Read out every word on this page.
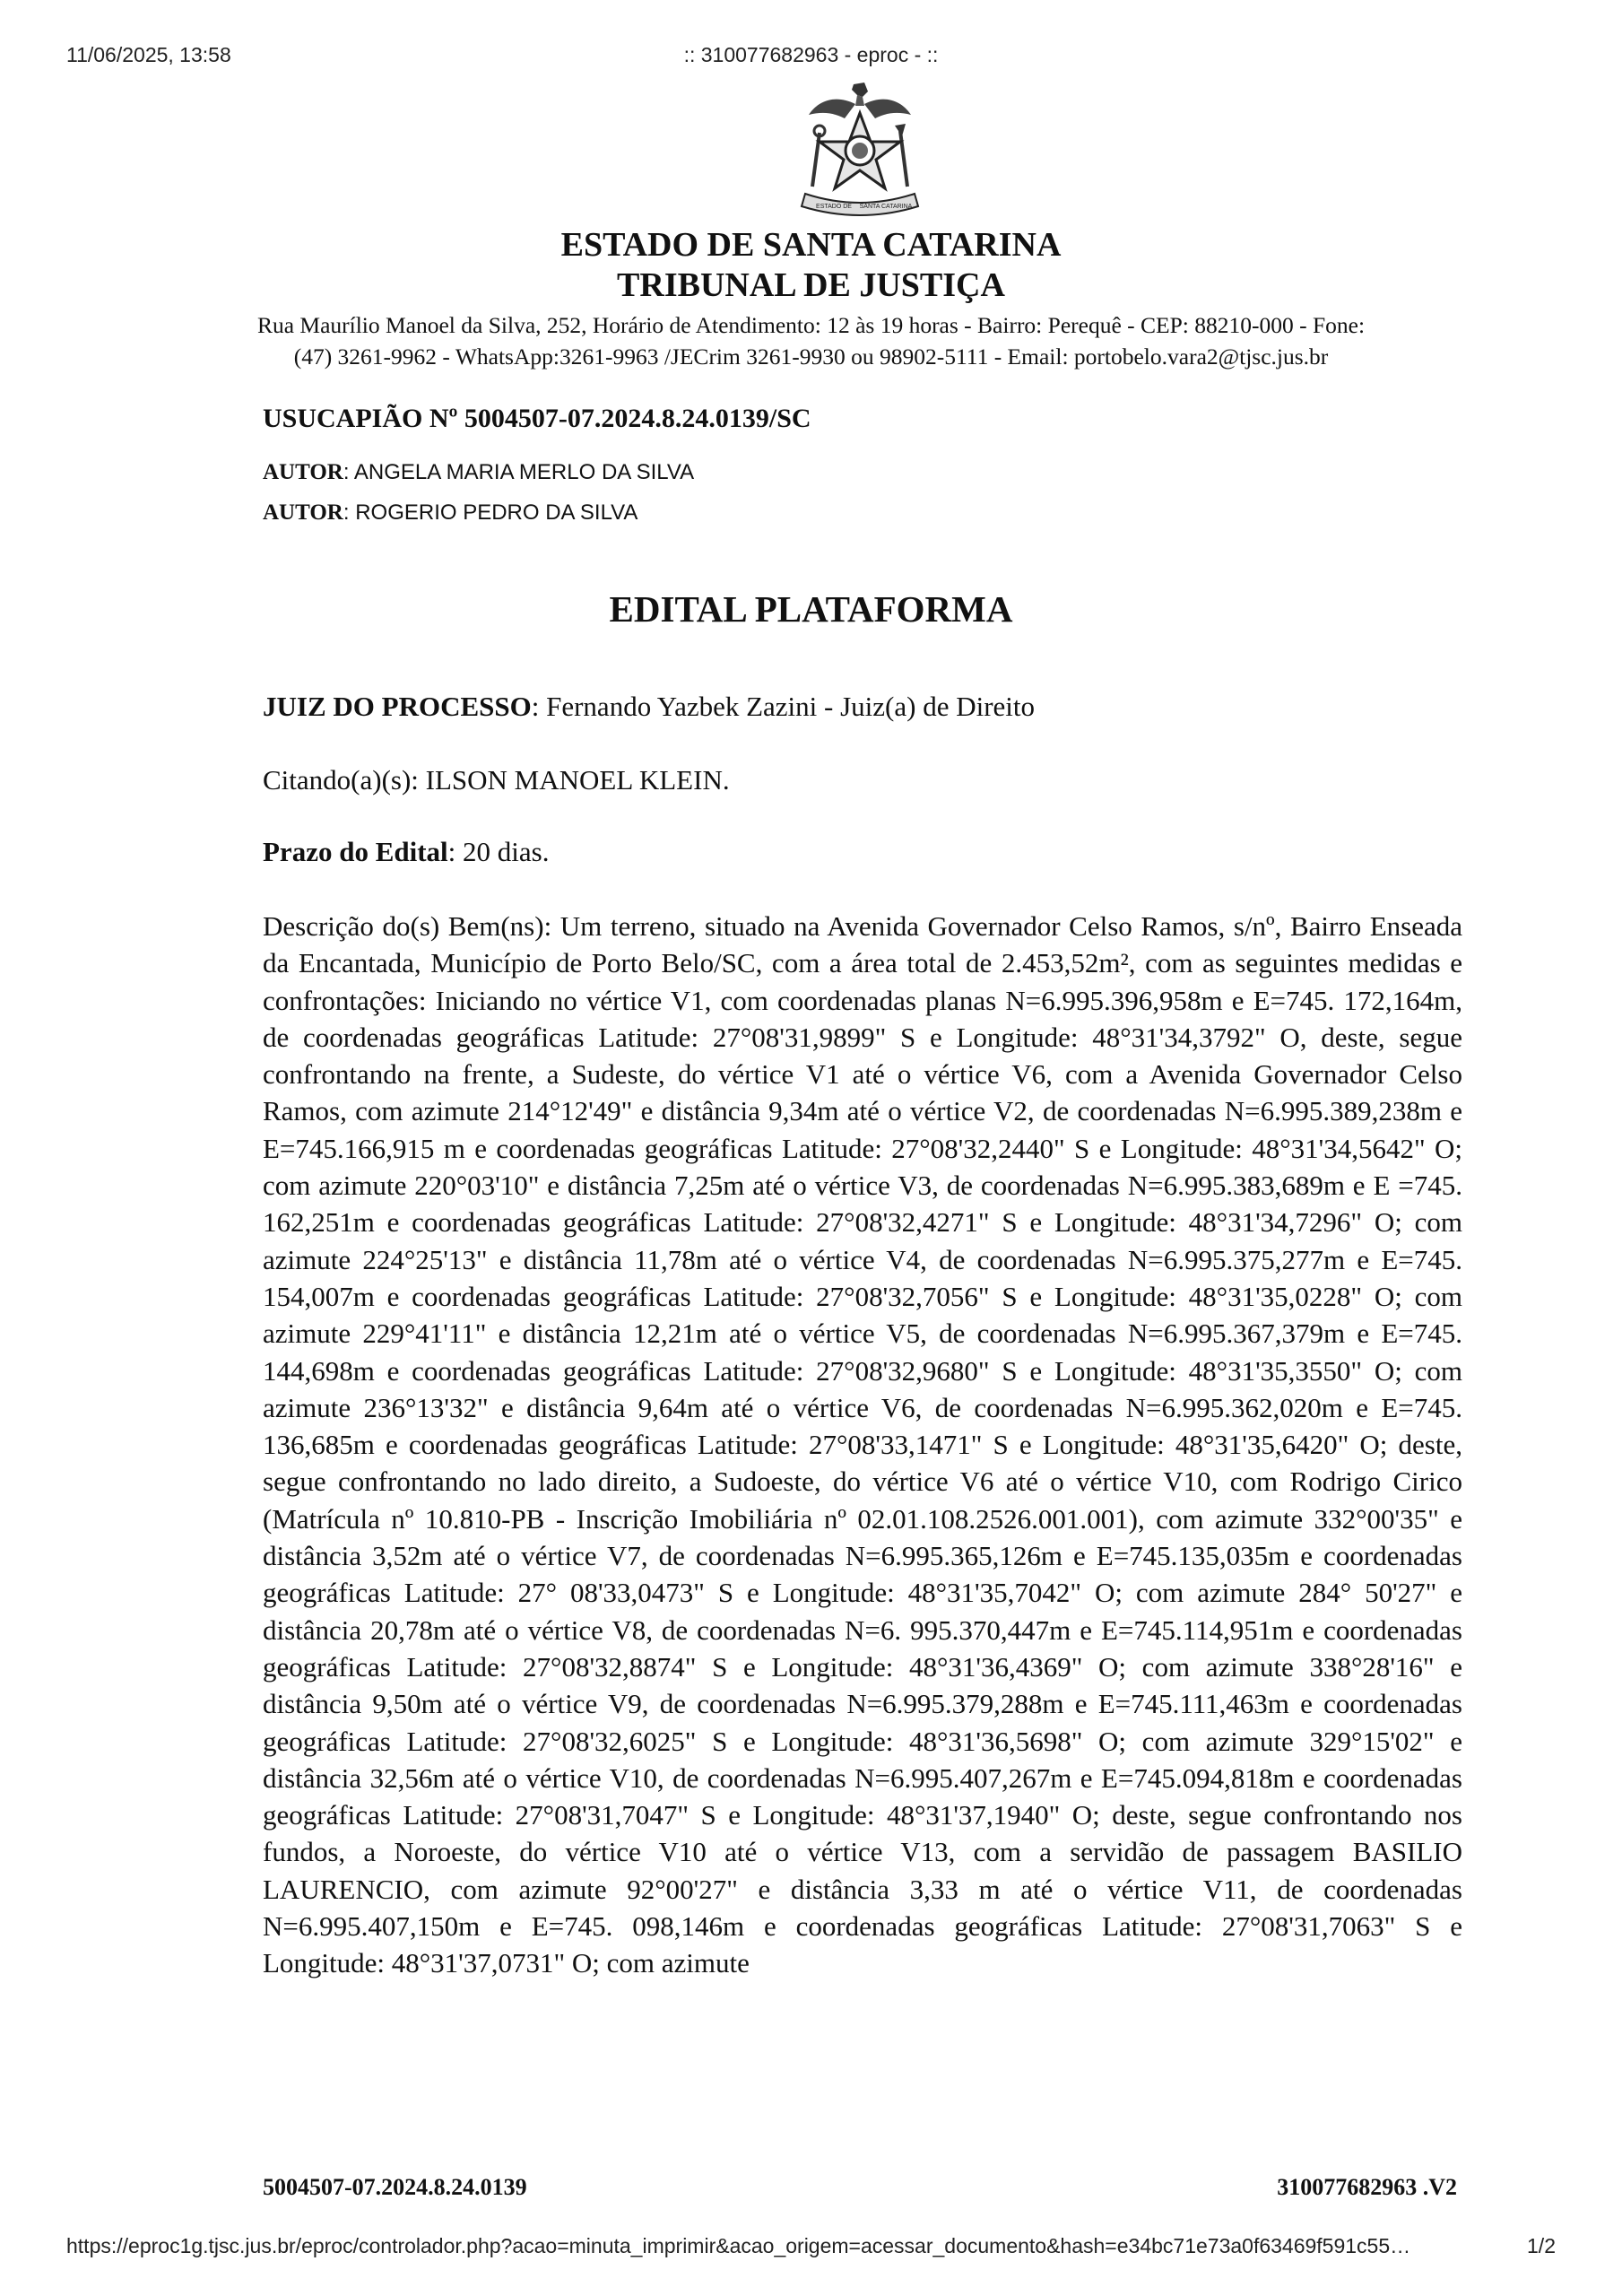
11/06/2025, 13:58	:: 310077682963 - eproc - ::
ESTADO DE SANTA CATARINA
ESTADO DE SANTA CATARINA
TRIBUNAL DE JUSTIÇA
Rua Maurílio Manoel da Silva, 252, Horário de Atendimento: 12 às 19 horas - Bairro: Perequê - CEP: 88210-000 - Fone:
(47) 3261-9962 - WhatsApp:3261-9963 /JECrim 3261-9930 ou 98902-5111 - Email: portobelo.vara2@tjsc.jus.br
USUCAPIÃO Nº 5004507-07.2024.8.24.0139/SC
AUTOR: ANGELA MARIA MERLO DA SILVA
AUTOR: ROGERIO PEDRO DA SILVA
EDITAL PLATAFORMA
JUIZ DO PROCESSO: Fernando Yazbek Zazini - Juiz(a) de Direito
Citando(a)(s): ILSON MANOEL KLEIN.
Prazo do Edital: 20 dias.

Descrição do(s) Bem(ns): Um terreno, situado na Avenida Governador Celso Ramos, s/nº, Bairro Enseada da Encantada, Município de Porto Belo/SC, com a área total de 2.453,52m², com as seguintes medidas e confrontações: Iniciando no vértice V1, com coordenadas planas N=6.995.396,958m e E=745. 172,164m, de coordenadas geográficas Latitude: 27°08'31,9899" S e Longitude: 48°31'34,3792" O, deste, segue confrontando na frente, a Sudeste, do vértice V1 até o vértice V6, com a Avenida Governador Celso Ramos, com azimute 214°12'49" e distância 9,34m até o vértice V2, de coordenadas N=6.995.389,238m e E=745.166,915 m e coordenadas geográficas Latitude: 27°08'32,2440" S e Longitude: 48°31'34,5642" O; com azimute 220°03'10" e distância 7,25m até o vértice V3, de coordenadas N=6.995.383,689m e E =745. 162,251m e coordenadas geográficas Latitude: 27°08'32,4271" S e Longitude: 48°31'34,7296" O; com azimute 224°25'13" e distância 11,78m até o vértice V4, de coordenadas N=6.995.375,277m e E=745. 154,007m e coordenadas geográficas Latitude: 27°08'32,7056" S e Longitude: 48°31'35,0228" O; com azimute 229°41'11" e distância 12,21m até o vértice V5, de coordenadas N=6.995.367,379m e E=745. 144,698m e coordenadas geográficas Latitude: 27°08'32,9680" S e Longitude: 48°31'35,3550" O; com azimute 236°13'32" e distância 9,64m até o vértice V6, de coordenadas N=6.995.362,020m e E=745. 136,685m e coordenadas geográficas Latitude: 27°08'33,1471" S e Longitude: 48°31'35,6420" O; deste, segue confrontando no lado direito, a Sudoeste, do vértice V6 até o vértice V10, com Rodrigo Cirico (Matrícula nº 10.810-PB - Inscrição Imobiliária nº 02.01.108.2526.001.001), com azimute 332°00'35" e distância 3,52m até o vértice V7, de coordenadas N=6.995.365,126m e E=745.135,035m e coordenadas geográficas Latitude: 27° 08'33,0473" S e Longitude: 48°31'35,7042" O; com azimute 284° 50'27" e distância 20,78m até o vértice V8, de coordenadas N=6. 995.370,447m e E=745.114,951m e coordenadas geográficas Latitude: 27°08'32,8874" S e Longitude: 48°31'36,4369" O; com azimute 338°28'16" e distância 9,50m até o vértice V9, de coordenadas N=6.995.379,288m e E=745.111,463m e coordenadas geográficas Latitude: 27°08'32,6025" S e Longitude: 48°31'36,5698" O; com azimute 329°15'02" e distância 32,56m até o vértice V10, de coordenadas N=6.995.407,267m e E=745.094,818m e coordenadas geográficas Latitude: 27°08'31,7047" S e Longitude: 48°31'37,1940" O; deste, segue confrontando nos fundos, a Noroeste, do vértice V10 até o vértice V13, com a servidão de passagem BASILIO LAURENCIO, com azimute 92°00'27" e distância 3,33 m até o vértice V11, de coordenadas N=6.995.407,150m e E=745. 098,146m e coordenadas geográficas Latitude: 27°08'31,7063" S e Longitude: 48°31'37,0731" O; com azimute

5004507-07.2024.8.24.0139	310077682963 .V2
https://eproc1g.tjsc.jus.br/eproc/controlador.php?acao=minuta_imprimir&acao_origem=acessar_documento&hash=e34bc71e73a0f63469f591c55…	1/2
